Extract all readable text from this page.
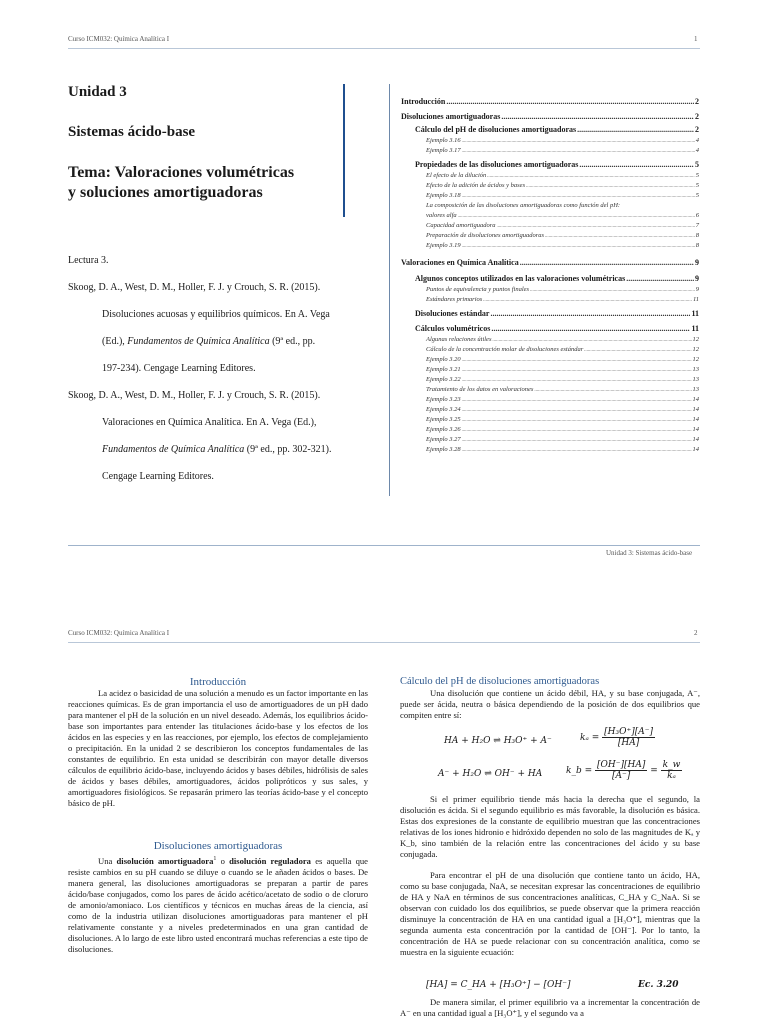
Curso ICM032: Química Analítica I	1
Unidad 3
Sistemas ácido-base
Tema: Valoraciones volumétricas
y soluciones amortiguadoras

Lectura 3.

Skoog, D. A., West, D. M., Holler, F. J. y Crouch, S. R. (2015).

Disoluciones acuosas y equilibrios químicos. En A. Vega

(Ed.), Fundamentos de Química Analítica (9ª ed., pp.

197-234). Cengage Learning Editores.

Skoog, D. A., West, D. M., Holler, F. J. y Crouch, S. R. (2015).

Valoraciones en Química Analítica. En A. Vega (Ed.),

Fundamentos de Química Analítica (9ª ed., pp. 302-321).

Cengage Learning Editores.

Introducción .....	2
Disoluciones amortiguadoras .....	2
Cálculo del pH de disoluciones amortiguadoras .....	2
Ejemplo 3.16 .....	4
Ejemplo 3.17 .....	4
Propiedades de las disoluciones amortiguadoras .....	5
El efecto de la dilución .....	5
Efecto de la adición de ácidos y bases .....	5
Ejemplo 3.18 .....	5
La composición de las disoluciones amortiguadoras como función del pH:
valores alfa .....	6
Capacidad amortiguadora .....	7
Preparación de disoluciones amortiguadoras .....	8
Ejemplo 3.19 .....	8
Valoraciones en Química Analítica .....	9
Algunos conceptos utilizados en las valoraciones volumétricas .....	9
Puntos de equivalencia y puntos finales .....	9
Estándares primarios .....	11
Disoluciones estándar .....	11
Cálculos volumétricos .....	11
Algunas relaciones útiles .....	12
Cálculo de la concentración molar de disoluciones estándar .....	12
Ejemplo 3.20 .....	12
Ejemplo 3.21 .....	13
Ejemplo 3.22 .....	13
Tratamiento de los datos en valoraciones .....	13
Ejemplo 3.23 .....	14
Ejemplo 3.24 .....	14
Ejemplo 3.25 .....	14
Ejemplo 3.26 .....	14
Ejemplo 3.27 .....	14
Ejemplo 3.28 .....	14
Unidad 3: Sistemas ácido-base
Curso ICM032: Química Analítica I	2
Introducción

La acidez o basicidad de una solución a menudo es un factor importante en las reacciones químicas. Es de gran importancia el uso de amortiguadores de un pH dado para mantener el pH de la solución en un nivel deseado. Además, los equilibrios ácido-base son importantes para entender las titulaciones ácido-base y los efectos de los ácidos en las especies y en las reacciones, por ejemplo, los efectos de complejamiento o precipitación. En la unidad 2 se describieron los conceptos fundamentales de las constantes de equilibrio. En esta unidad se describirán con mayor detalle diversos cálculos de equilibrio ácido-base, incluyendo ácidos y bases débiles, hidrólisis de sales de ácidos y bases débiles, amortiguadores, ácidos polipróticos y sus sales, y amortiguadores fisiológicos. Se repasarán primero las teorías ácido-base y el concepto básico de pH.

Disoluciones amortiguadoras

Una disolución amortiguadora$^1$ o disolución reguladora es aquella que resiste cambios en su pH cuando se diluye o cuando se le añaden ácidos o bases. De manera general, las disoluciones amortiguadoras se preparan a partir de pares ácido/base conjugados, como los pares de ácido acético/acetato de sodio o de cloruro de amonio/amoniaco. Los científicos y técnicos en muchas áreas de la ciencia, así como de la industria utilizan disoluciones amortiguadoras para mantener el pH relativamente constante y a niveles predeterminados en una gran cantidad de disoluciones. A lo largo de este libro usted encontrará muchas referencias a este tipo de disoluciones.

Cálculo del pH de disoluciones amortiguadoras

Una disolución que contiene un ácido débil, HA, y su base conjugada, A⁻, puede ser ácida, neutra o básica dependiendo de la posición de dos equilibrios que compiten entre sí:

HA + H₂O ⇌ H₃O⁺ + A⁻	$k_a = \frac{\text{[H₃O⁺][A⁻]}}{[HA]}$
A⁻ + H₂O ⇌ OH⁻ + HA	k_b = $\frac{[OH^-][HA]}{[A^-]} = \frac{k\_w}{\text{kₐ}}$

Si el primer equilibrio tiende más hacia la derecha que el segundo, la disolución es ácida. Si el segundo equilibrio es más favorable, la disolución es básica. Estas dos expresiones de la constante de equilibrio muestran que las concentraciones relativas de los iones hidronio e hidróxido dependen no solo de las magnitudes de Kₐ y K_b, sino también de la relación entre las concentraciones del ácido y su base conjugada.

Para encontrar el pH de una disolución que contiene tanto un ácido, HA, como su base conjugada, NaA, se necesitan expresar las concentraciones de equilibrio de HA y NaA en términos de sus concentraciones analíticas, C_HA y C_NaA. Si se observan con cuidado los dos equilibrios, se puede observar que la primera reacción disminuye la concentración de HA en una cantidad igual a [H₃O⁺], mientras que la segunda aumenta esta concentración por la cantidad de [OH⁻]. Por lo tanto, la concentración de HA se puede relacionar con su concentración analítica, como se muestra en la siguiente ecuación:

[HA] = C_HA + [H₃O⁺] − [OH⁻]	Ec. 3.20

De manera similar, el primer equilibrio va a incrementar la concentración de A⁻ en una cantidad igual a [H₃O⁺], y el segundo va a
